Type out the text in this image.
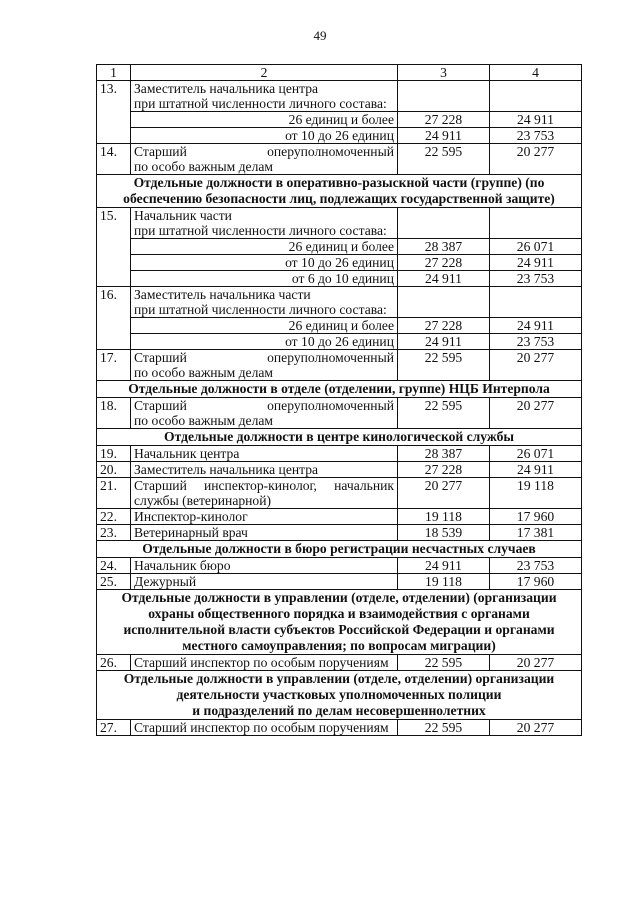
49
1	2	3	4
13.	Заместитель начальника центра
при штатной численности личного состава:		

	26 единиц и более	27 228	24 911
	от 10 до 26 единиц	24 911	23 753
14.	Старший оперуполномоченный
по особо важным делам	22 595	20 277
Отдельные должности в оперативно-разыскной части (группе) (по обеспечению безопасности лиц, подлежащих государственной защите)			
15.	Начальник части
при штатной численности личного состава:		

	26 единиц и более	28 387	26 071
	от 10 до 26 единиц	27 228	24 911
	от 6 до 10 единиц	24 911	23 753
16.	Заместитель начальника части
при штатной численности личного состава:		

	26 единиц и более	27 228	24 911
	от 10 до 26 единиц	24 911	23 753
17.	Старший оперуполномоченный
по особо важным делам	22 595	20 277
Отдельные должности в отделе (отделении, группе) НЦБ Интерпола			
18.	Старший оперуполномоченный
по особо важным делам	22 595	20 277
Отдельные должности в центре кинологической службы			
19.	Начальник центра	28 387	26 071
20.	Заместитель начальника центра	27 228	24 911
21.	Старший инспектор-кинолог, начальник
службы (ветеринарной)	20 277	19 118
22.	Инспектор-кинолог	19 118	17 960
23.	Ветеринарный врач	18 539	17 381
Отдельные должности в бюро регистрации несчастных случаев			
24.	Начальник бюро	24 911	23 753
25.	Дежурный	19 118	17 960

Отдельные должности в управлении (отделе, отделении) (организации
охраны общественного порядка и взаимодействия с органами
исполнительной власти субъектов Российской Федерации и органами
местного самоуправления; по вопросам миграции)			

26.	Старший инспектор по особым поручениям	22 595	20 277

Отдельные должности в управлении (отделе, отделении) организации
деятельности участковых уполномоченных полиции
и подразделений по делам несовершеннолетних			

27.	Старший инспектор по особым поручениям	22 595	20 277
